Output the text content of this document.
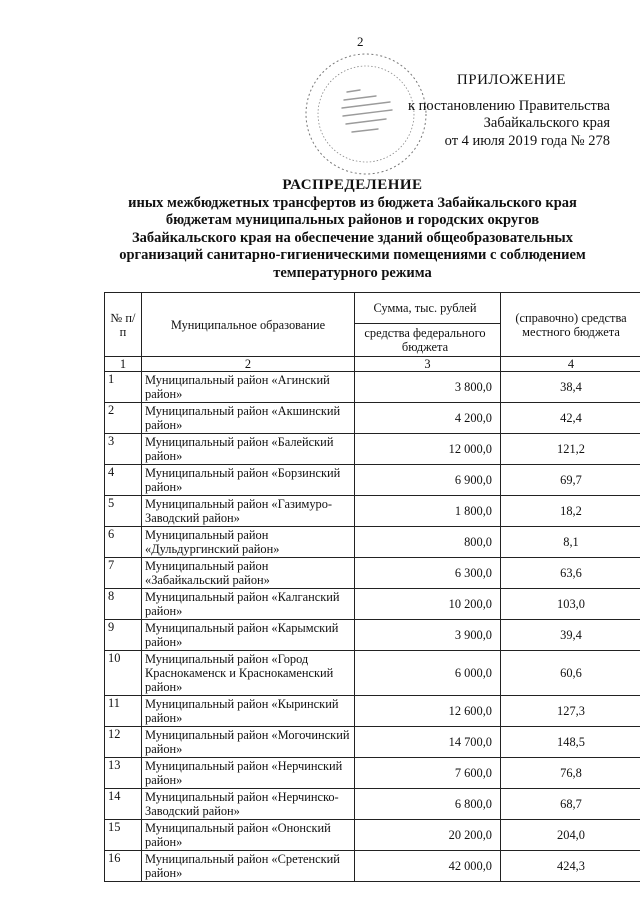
2
ПРИЛОЖЕНИЕ
к постановлению Правительства
Забайкальского края
от 4 июля 2019 года № 278
РАСПРЕДЕЛЕНИЕ
иных межбюджетных трансфертов из бюджета Забайкальского края
бюджетам муниципальных районов и городских округов
Забайкальского края на обеспечение зданий общеобразовательных
организаций санитарно-гигиеническими помещениями с соблюдением
температурного режима
№ п/п	Муниципальное образование	Сумма, тыс. рублей	(справочно) средства местного бюджета
		средства федерального бюджета	
1	2	3	4
1	Муниципальный район «Агинский район»	3 800,0	38,4
2	Муниципальный район «Акшинский район»	4 200,0	42,4
3	Муниципальный район «Балейский район»	12 000,0	121,2
4	Муниципальный район «Борзинский район»	6 900,0	69,7
5	Муниципальный район «Газимуро-Заводский район»	1 800,0	18,2
6	Муниципальный район «Дульдургинский район»	800,0	8,1
7	Муниципальный район «Забайкальский район»	6 300,0	63,6
8	Муниципальный район «Калганский район»	10 200,0	103,0
9	Муниципальный район «Карымский район»	3 900,0	39,4
10	Муниципальный район «Город Краснокаменск и Краснокаменский район»	6 000,0	60,6
11	Муниципальный район «Кыринский район»	12 600,0	127,3
12	Муниципальный район «Могочинский район»	14 700,0	148,5
13	Муниципальный район «Нерчинский район»	7 600,0	76,8
14	Муниципальный район «Нерчинско-Заводский район»	6 800,0	68,7
15	Муниципальный район «Ононский район»	20 200,0	204,0
16	Муниципальный район «Сретенский район»	42 000,0	424,3
